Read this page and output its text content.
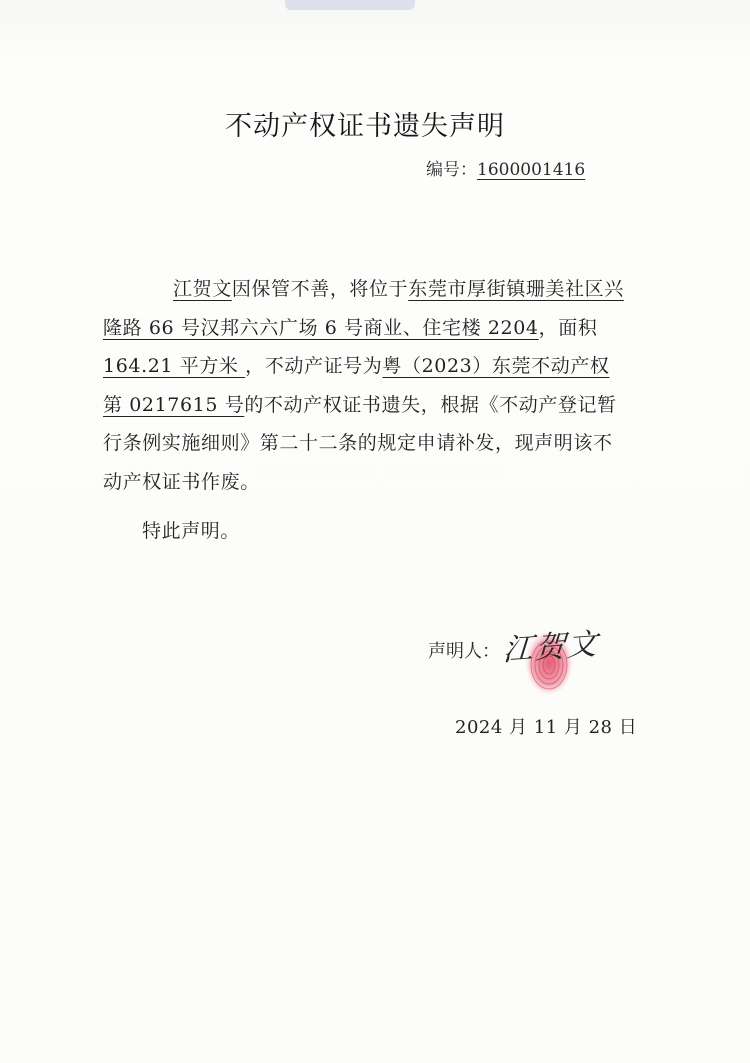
不动产权证书遗失声明
编号：1600001416
江贺文因保管不善，将位于东莞市厚街镇珊美社区兴隆路 66 号汉邦六六广场 6 号商业、住宅楼 2204，面积164.21 平方米 ，不动产证号为粤（2023）东莞不动产权第 0217615 号的不动产权证书遗失，根据《不动产登记暂行条例实施细则》第二十二条的规定申请补发，现声明该不动产权证书作废。
特此声明。
声明人： 江贺文
2024 月 11 月 28 日
